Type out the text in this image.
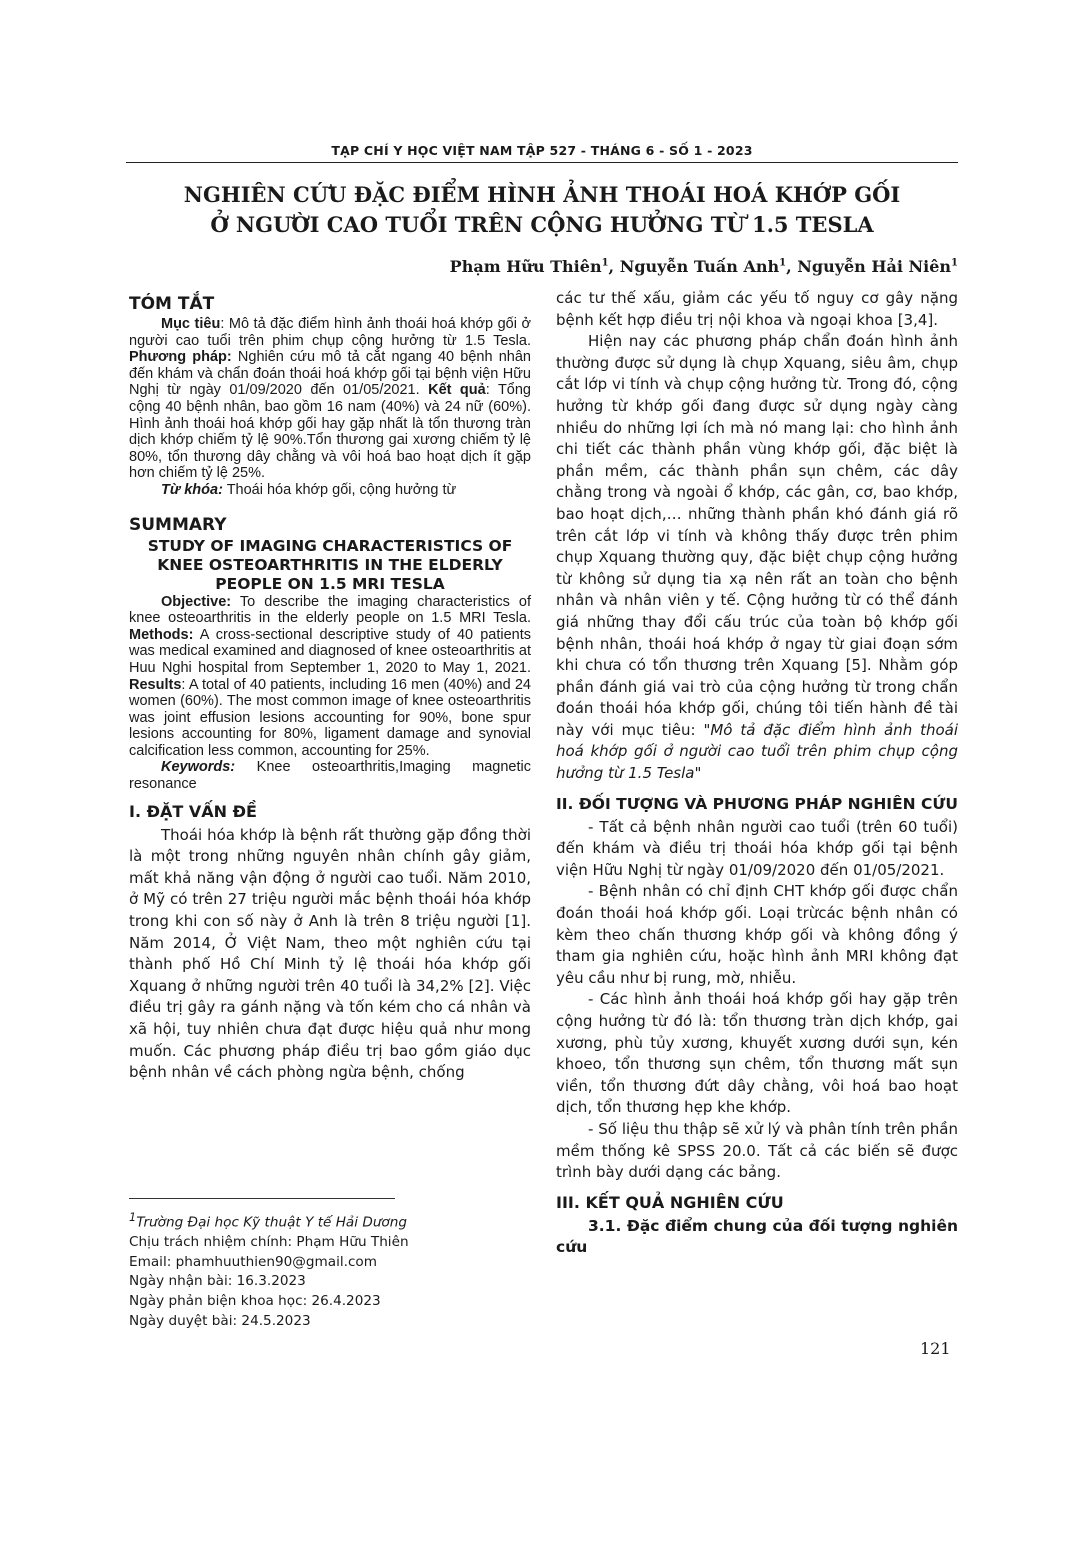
TẠP CHÍ Y HỌC VIỆT NAM TẬP 527 - THÁNG 6 - SỐ 1 - 2023
NGHIÊN CỨU ĐẶC ĐIỂM HÌNH ẢNH THOÁI HOÁ KHỚP GỐI
Ở NGƯỜI CAO TUỔI TRÊN CỘNG HƯỞNG TỪ 1.5 TESLA
Phạm Hữu Thiên$^1$, Nguyễn Tuấn Anh$^1$, Nguyễn Hải Niên$^1$
TÓM TẮT

Mục tiêu: Mô tả đặc điểm hình ảnh thoái hoá khớp gối ở người cao tuổi trên phim chụp cộng hưởng từ 1.5 Tesla. Phương pháp: Nghiên cứu mô tả cắt ngang 40 bệnh nhân đến khám và chẩn đoán thoái hoá khớp gối tại bệnh viện Hữu Nghị từ ngày 01/09/2020 đến 01/05/2021. Kết quả: Tổng cộng 40 bệnh nhân, bao gồm 16 nam (40%) và 24 nữ (60%). Hình ảnh thoái hoá khớp gối hay gặp nhất là tổn thương tràn dịch khớp chiếm tỷ lệ 90%.Tổn thương gai xương chiếm tỷ lệ 80%, tổn thương dây chằng và vôi hoá bao hoạt dịch ít gặp hơn chiếm tỷ lệ 25%.

Từ khóa: Thoái hóa khớp gối, cộng hưởng từ

SUMMARY

STUDY OF IMAGING CHARACTERISTICS OF KNEE OSTEOARTHRITIS IN THE ELDERLY PEOPLE ON 1.5 MRI TESLA

Objective: To describe the imaging characteristics of knee osteoarthritis in the elderly people on 1.5 MRI Tesla. Methods: A cross-sectional descriptive study of 40 patients was medical examined and diagnosed of knee osteoarthritis at Huu Nghi hospital from September 1, 2020 to May 1, 2021. Results: A total of 40 patients, including 16 men (40%) and 24 women (60%). The most common image of knee osteoarthritis was joint effusion lesions accounting for 90%, bone spur lesions accounting for 80%, ligament damage and synovial calcification less common, accounting for 25%.

Keywords: Knee osteoarthritis,Imaging magnetic resonance

I. ĐẶT VẤN ĐỀ

Thoái hóa khớp là bệnh rất thường gặp đồng thời là một trong những nguyên nhân chính gây giảm, mất khả năng vận động ở người cao tuổi. Năm 2010, ở Mỹ có trên 27 triệu người mắc bệnh thoái hóa khớp trong khi con số này ở Anh là trên 8 triệu người [1]. Năm 2014, Ở Việt Nam, theo một nghiên cứu tại thành phố Hồ Chí Minh tỷ lệ thoái hóa khớp gối Xquang ở những người trên 40 tuổi là 34,2% [2]. Việc điều trị gây ra gánh nặng và tốn kém cho cá nhân và xã hội, tuy nhiên chưa đạt được hiệu quả như mong muốn. Các phương pháp điều trị bao gồm giáo dục bệnh nhân về cách phòng ngừa bệnh, chống

$^1$Trường Đại học Kỹ thuật Y tế Hải Dương
Chịu trách nhiệm chính: Phạm Hữu Thiên
Email: phamhuuthien90@gmail.com
Ngày nhận bài: 16.3.2023
Ngày phản biện khoa học: 26.4.2023
Ngày duyệt bài: 24.5.2023

các tư thế xấu, giảm các yếu tố nguy cơ gây nặng bệnh kết hợp điều trị nội khoa và ngoại khoa [3,4].

Hiện nay các phương pháp chẩn đoán hình ảnh thường được sử dụng là chụp Xquang, siêu âm, chụp cắt lớp vi tính và chụp cộng hưởng từ. Trong đó, cộng hưởng từ khớp gối đang được sử dụng ngày càng nhiều do những lợi ích mà nó mang lại: cho hình ảnh chi tiết các thành phần vùng khớp gối, đặc biệt là phần mềm, các thành phần sụn chêm, các dây chằng trong và ngoài ổ khớp, các gân, cơ, bao khớp, bao hoạt dịch,… những thành phần khó đánh giá rõ trên cắt lớp vi tính và không thấy được trên phim chụp Xquang thường quy, đặc biệt chụp cộng hưởng từ không sử dụng tia xạ nên rất an toàn cho bệnh nhân và nhân viên y tế. Cộng hưởng từ có thể đánh giá những thay đổi cấu trúc của toàn bộ khớp gối bệnh nhân, thoái hoá khớp ở ngay từ giai đoạn sớm khi chưa có tổn thương trên Xquang [5]. Nhằm góp phần đánh giá vai trò của cộng hưởng từ trong chẩn đoán thoái hóa khớp gối, chúng tôi tiến hành đề tài này với mục tiêu: "Mô tả đặc điểm hình ảnh thoái hoá khớp gối ở người cao tuổi trên phim chụp cộng hưởng từ 1.5 Tesla"

II. ĐỐI TƯỢNG VÀ PHƯƠNG PHÁP NGHIÊN CỨU

- Tất cả bệnh nhân người cao tuổi (trên 60 tuổi) đến khám và điều trị thoái hóa khớp gối tại bệnh viện Hữu Nghị từ ngày 01/09/2020 đến 01/05/2021.

- Bệnh nhân có chỉ định CHT khớp gối được chẩn đoán thoái hoá khớp gối. Loại trừcác bệnh nhân có kèm theo chấn thương khớp gối và không đồng ý tham gia nghiên cứu, hoặc hình ảnh MRI không đạt yêu cầu như bị rung, mờ, nhiễu.

- Các hình ảnh thoái hoá khớp gối hay gặp trên cộng hưởng từ đó là: tổn thương tràn dịch khớp, gai xương, phù tủy xương, khuyết xương dưới sụn, kén khoeo, tổn thương sụn chêm, tổn thương mất sụn viền, tổn thương đứt dây chằng, vôi hoá bao hoạt dịch, tổn thương hẹp khe khớp.

- Số liệu thu thập sẽ xử lý và phân tính trên phần mềm thống kê SPSS 20.0. Tất cả các biến sẽ được trình bày dưới dạng các bảng.

III. KẾT QUẢ NGHIÊN CỨU

3.1. Đặc điểm chung của đối tượng nghiên cứu

121
